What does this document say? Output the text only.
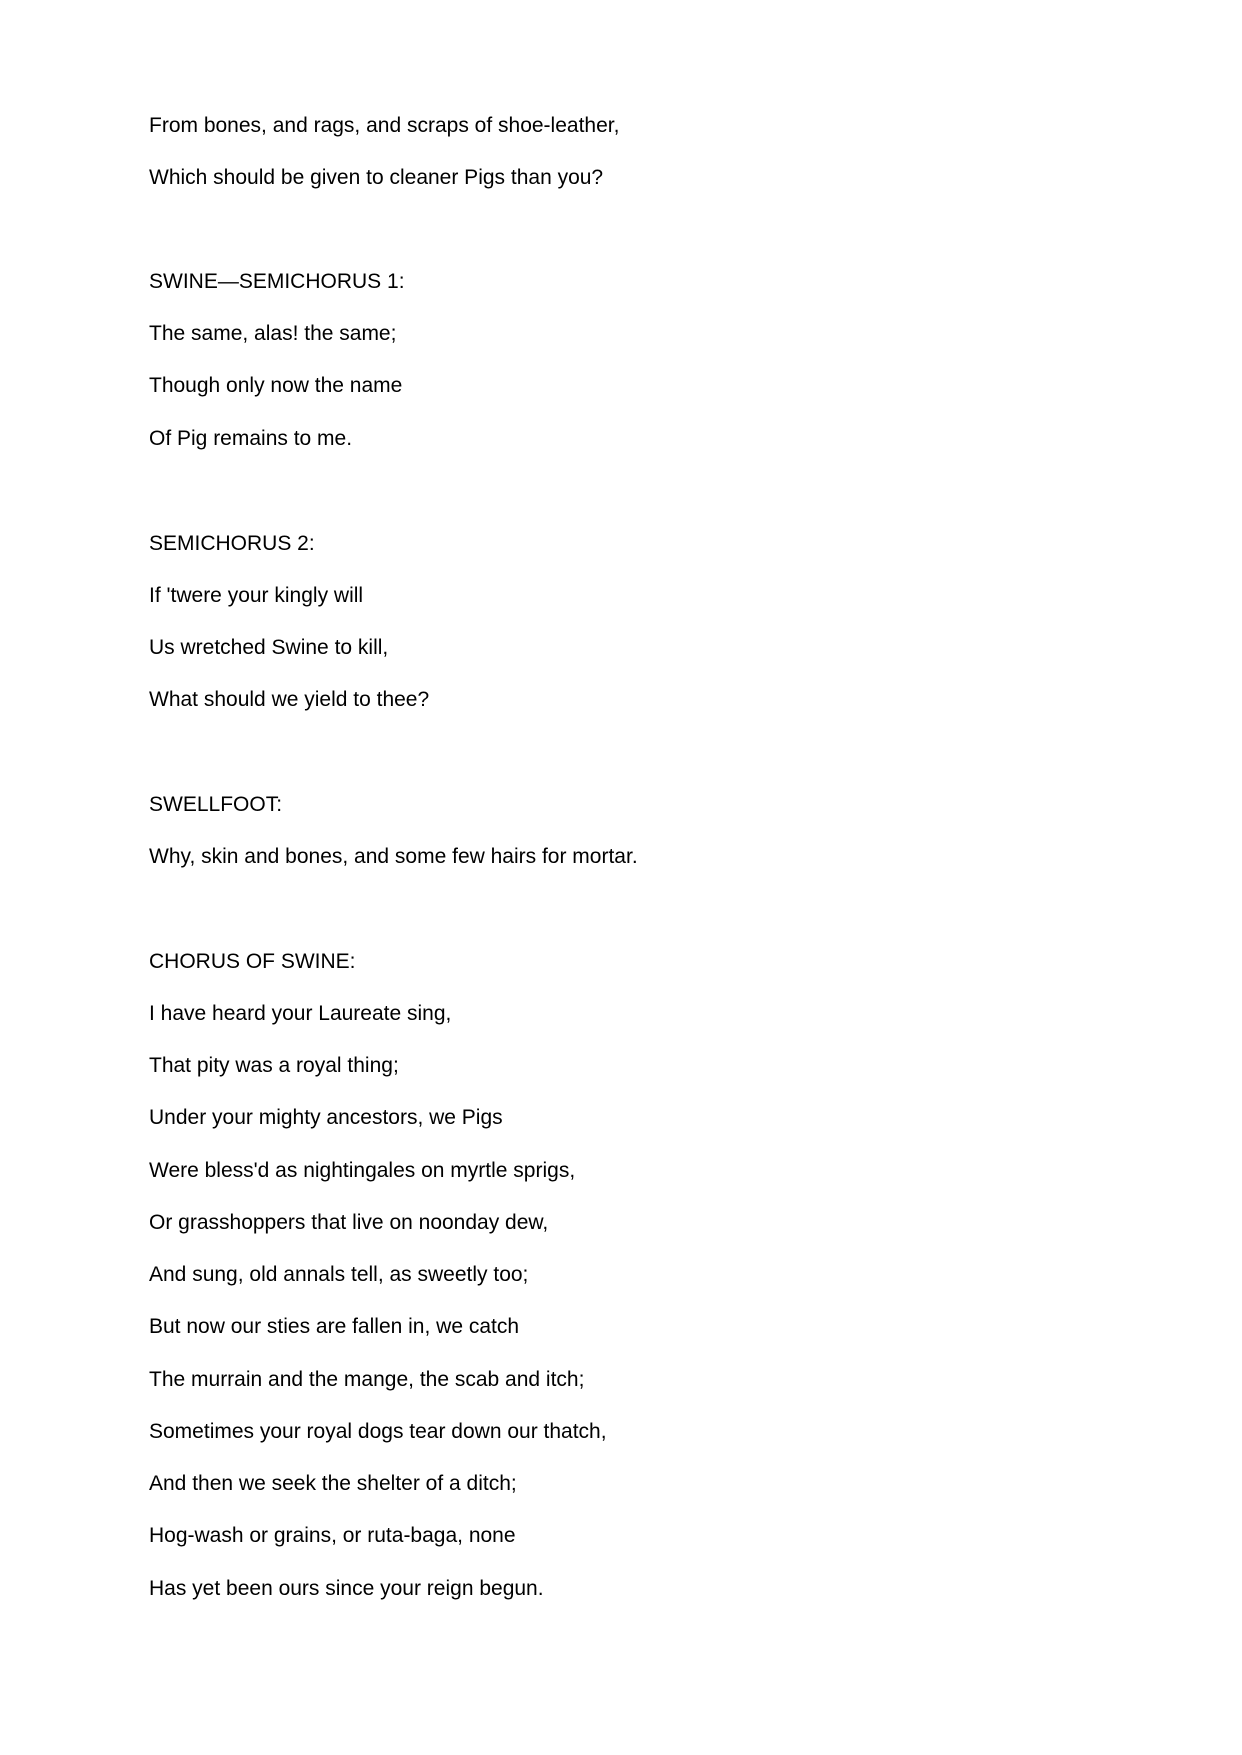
From bones, and rags, and scraps of shoe-leather,

Which should be given to cleaner Pigs than you?

SWINE—SEMICHORUS 1:

The same, alas! the same;

Though only now the name

Of Pig remains to me.

SEMICHORUS 2:

If 'twere your kingly will

Us wretched Swine to kill,

What should we yield to thee?

SWELLFOOT:

Why, skin and bones, and some few hairs for mortar.

CHORUS OF SWINE:

I have heard your Laureate sing,

That pity was a royal thing;

Under your mighty ancestors, we Pigs

Were bless'd as nightingales on myrtle sprigs,

Or grasshoppers that live on noonday dew,

And sung, old annals tell, as sweetly too;

But now our sties are fallen in, we catch

The murrain and the mange, the scab and itch;

Sometimes your royal dogs tear down our thatch,

And then we seek the shelter of a ditch;

Hog-wash or grains, or ruta-baga, none

Has yet been ours since your reign begun.
